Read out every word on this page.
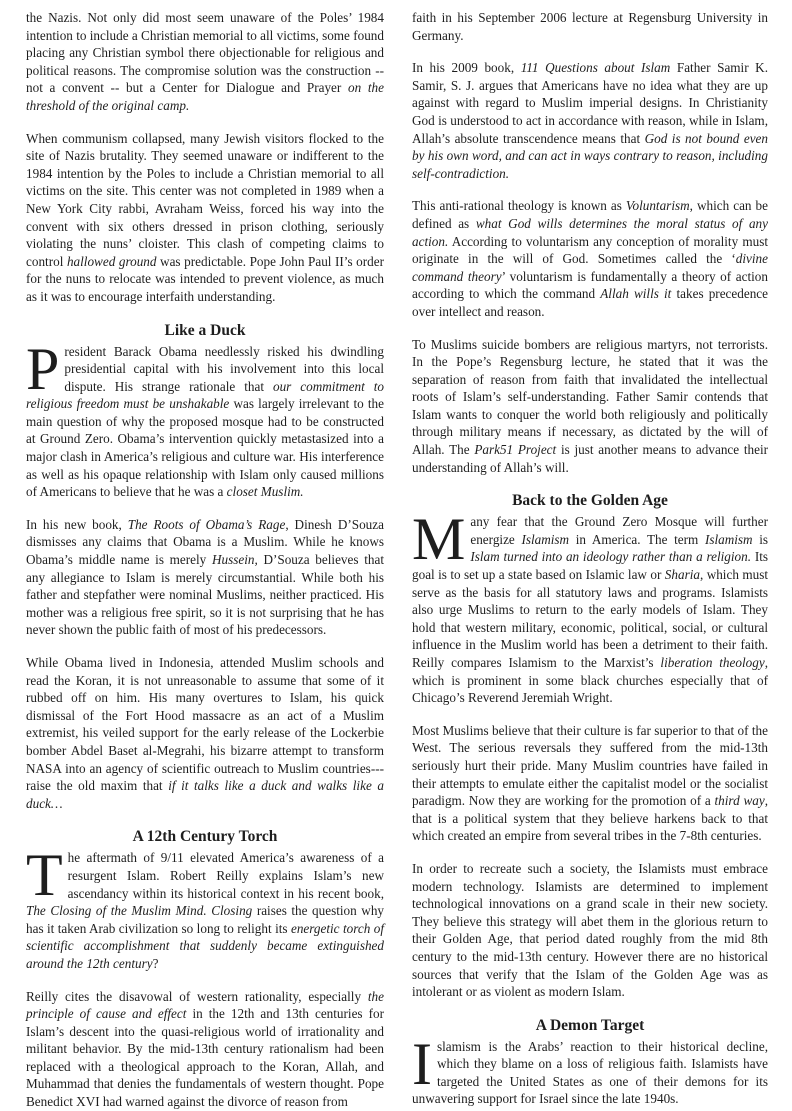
the Nazis. Not only did most seem unaware of the Poles’ 1984 intention to include a Christian memorial to all victims, some found placing any Christian symbol there objectionable for religious and political reasons. The compromise solution was the construction -- not a convent -- but a Center for Dialogue and Prayer on the threshold of the original camp.

When communism collapsed, many Jewish visitors flocked to the site of Nazis brutality. They seemed unaware or indifferent to the 1984 intention by the Poles to include a Christian memorial to all victims on the site. This center was not completed in 1989 when a New York City rabbi, Avraham Weiss, forced his way into the convent with six others dressed in prison clothing, seriously violating the nuns’ cloister. This clash of competing claims to control hallowed ground was predictable. Pope John Paul II’s order for the nuns to relocate was intended to prevent violence, as much as it was to encourage interfaith understanding.

Like a Duck

President Barack Obama needlessly risked his dwindling presidential capital with his involvement into this local dispute. His strange rationale that our commitment to religious freedom must be unshakable was largely irrelevant to the main question of why the proposed mosque had to be constructed at Ground Zero. Obama’s intervention quickly metastasized into a major clash in America’s religious and culture war. His interference as well as his opaque relationship with Islam only caused millions of Americans to believe that he was a closet Muslim.

In his new book, The Roots of Obama’s Rage, Dinesh D’Souza dismisses any claims that Obama is a Muslim. While he knows Obama’s middle name is merely Hussein, D’Souza believes that any allegiance to Islam is merely circumstantial. While both his father and stepfather were nominal Muslims, neither practiced. His mother was a religious free spirit, so it is not surprising that he has never shown the public faith of most of his predecessors.

While Obama lived in Indonesia, attended Muslim schools and read the Koran, it is not unreasonable to assume that some of it rubbed off on him. His many overtures to Islam, his quick dismissal of the Fort Hood massacre as an act of a Muslim extremist, his veiled support for the early release of the Lockerbie bomber Abdel Baset al-Megrahi, his bizarre attempt to transform NASA into an agency of scientific outreach to Muslim countries---raise the old maxim that if it talks like a duck and walks like a duck…

A 12th Century Torch

The aftermath of 9/11 elevated America’s awareness of a resurgent Islam. Robert Reilly explains Islam’s new ascendancy within its historical context in his recent book, The Closing of the Muslim Mind. Closing raises the question why has it taken Arab civilization so long to relight its energetic torch of scientific accomplishment that suddenly became extinguished around the 12th century?

Reilly cites the disavowal of western rationality, especially the principle of cause and effect in the 12th and 13th centuries for Islam’s descent into the quasi-religious world of irrationality and militant behavior. By the mid-13th century rationalism had been replaced with a theological approach to the Koran, Allah, and Muhammad that denies the fundamentals of western thought. Pope Benedict XVI had warned against the divorce of reason from

faith in his September 2006 lecture at Regensburg University in Germany.

In his 2009 book, 111 Questions about Islam Father Samir K. Samir, S. J. argues that Americans have no idea what they are up against with regard to Muslim imperial designs. In Christianity God is understood to act in accordance with reason, while in Islam, Allah’s absolute transcendence means that God is not bound even by his own word, and can act in ways contrary to reason, including self-contradiction.

This anti-rational theology is known as Voluntarism, which can be defined as what God wills determines the moral status of any action. According to voluntarism any conception of morality must originate in the will of God. Sometimes called the ‘divine command theory’ voluntarism is fundamentally a theory of action according to which the command Allah wills it takes precedence over intellect and reason.

To Muslims suicide bombers are religious martyrs, not terrorists. In the Pope’s Regensburg lecture, he stated that it was the separation of reason from faith that invalidated the intellectual roots of Islam’s self-understanding. Father Samir contends that Islam wants to conquer the world both religiously and politically through military means if necessary, as dictated by the will of Allah. The Park51 Project is just another means to advance their understanding of Allah’s will.

Back to the Golden Age

Many fear that the Ground Zero Mosque will further energize Islamism in America. The term Islamism is Islam turned into an ideology rather than a religion. Its goal is to set up a state based on Islamic law or Sharia, which must serve as the basis for all statutory laws and programs. Islamists also urge Muslims to return to the early models of Islam. They hold that western military, economic, political, social, or cultural influence in the Muslim world has been a detriment to their faith. Reilly compares Islamism to the Marxist’s liberation theology, which is prominent in some black churches especially that of Chicago’s Reverend Jeremiah Wright.

Most Muslims believe that their culture is far superior to that of the West. The serious reversals they suffered from the mid-13th seriously hurt their pride. Many Muslim countries have failed in their attempts to emulate either the capitalist model or the socialist paradigm. Now they are working for the promotion of a third way, that is a political system that they believe harkens back to that which created an empire from several tribes in the 7-8th centuries.

In order to recreate such a society, the Islamists must embrace modern technology. Islamists are determined to implement technological innovations on a grand scale in their new society. They believe this strategy will abet them in the glorious return to their Golden Age, that period dated roughly from the mid 8th century to the mid-13th century. However there are no historical sources that verify that the Islam of the Golden Age was as intolerant or as violent as modern Islam.

A Demon Target

Islamism is the Arabs’ reaction to their historical decline, which they blame on a loss of religious faith. Islamists have targeted the United States as one of their demons for its unwavering support for Israel since the late 1940s.
